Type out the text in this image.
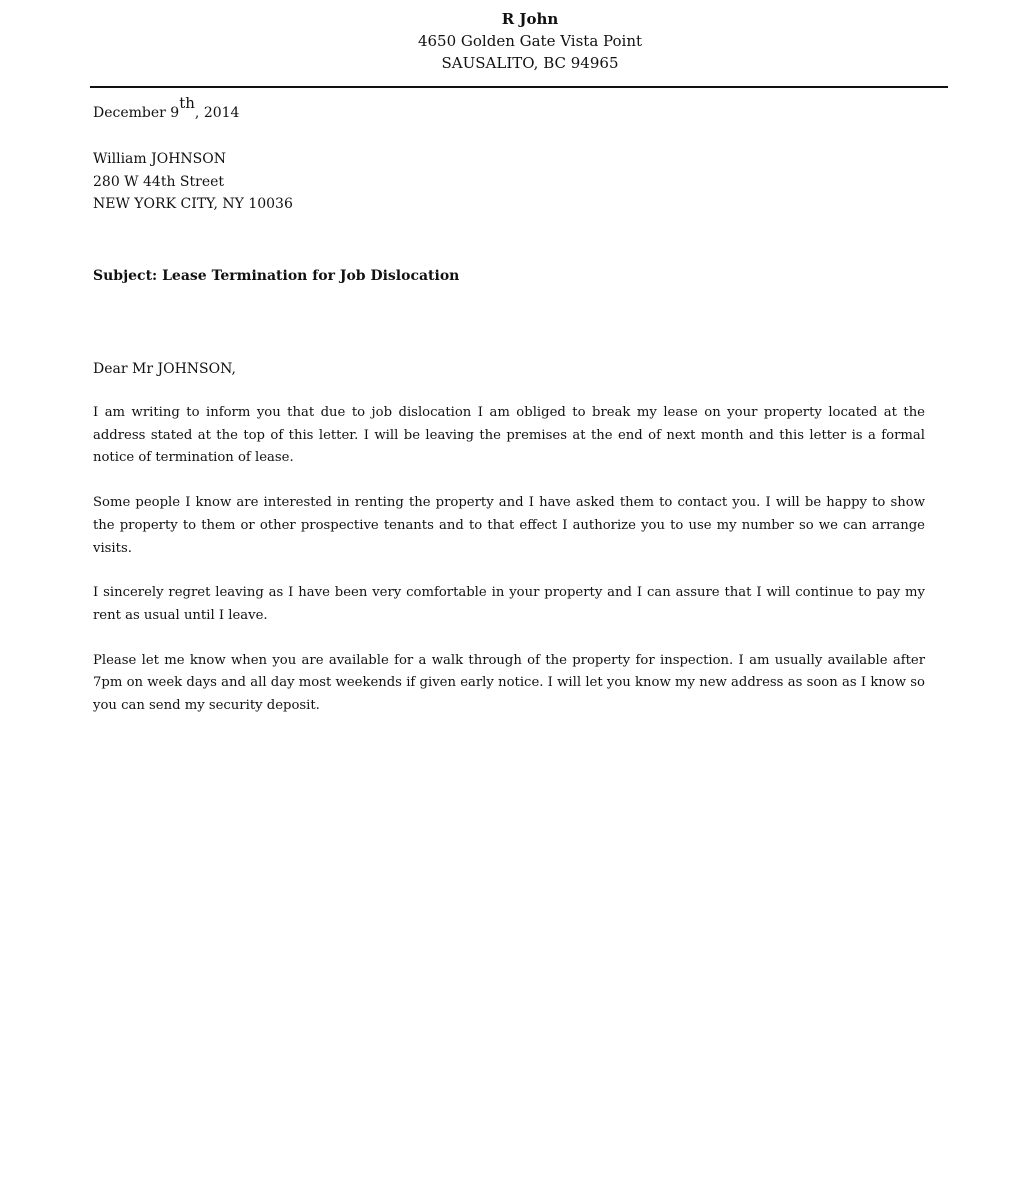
R John
4650 Golden Gate Vista Point
SAUSALITO, BC 94965
December 9th, 2014
William JOHNSON
280 W 44th Street
NEW YORK CITY, NY 10036
Subject: Lease Termination for Job Dislocation
Dear Mr JOHNSON,

I am writing to inform you that due to job dislocation I am obliged to break my lease on your property located at the address stated at the top of this letter. I will be leaving the premises at the end of next month and this letter is a formal notice of termination of lease.

Some people I know are interested in renting the property and I have asked them to contact you. I will be happy to show the property to them or other prospective tenants and to that effect I authorize you to use my number so we can arrange visits.

I sincerely regret leaving as I have been very comfortable in your property and I can assure that I will continue to pay my rent as usual until I leave.

Please let me know when you are available for a walk through of the property for inspection. I am usually available after 7pm on week days and all day most weekends if given early notice. I will let you know my new address as soon as I know so you can send my security deposit.
